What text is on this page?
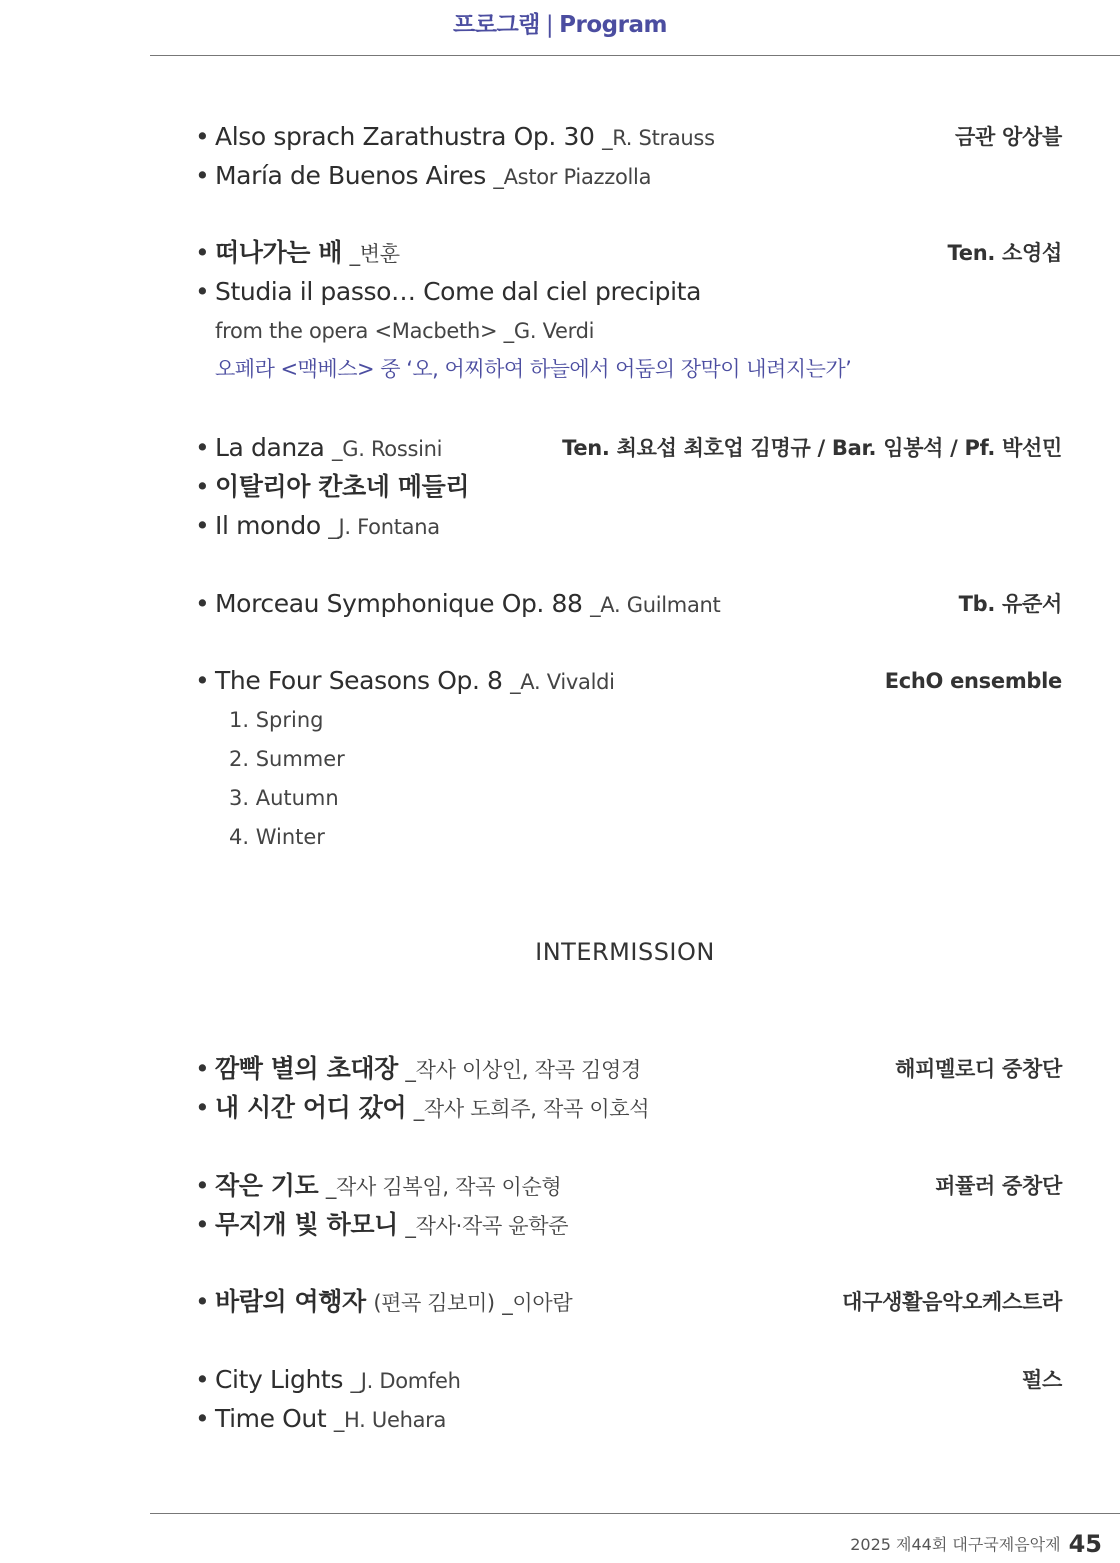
프로그램 | Program
• Also sprach Zarathustra Op. 30 _R. Strauss	금관 앙상블
• María de Buenos Aires _Astor Piazzolla
• 떠나가는 배 _변훈	Ten. 소영섭
• Studia il passo… Come dal ciel precipita
from the opera <Macbeth> _G. Verdi
오페라 <맥베스> 중 ‘오, 어찌하여 하늘에서 어둠의 장막이 내려지는가’
• La danza _G. Rossini	Ten. 최요섭 최호업 김명규 / Bar. 임봉석 / Pf. 박선민
• 이탈리아 칸초네 메들리
• Il mondo _J. Fontana
• Morceau Symphonique Op. 88 _A. Guilmant	Tb. 유준서
• The Four Seasons Op. 8 _A. Vivaldi	EchO ensemble
1. Spring
2. Summer
3. Autumn
4. Winter
INTERMISSION
• 깜빡 별의 초대장 _작사 이상인, 작곡 김영경	해피멜로디 중창단
• 내 시간 어디 갔어 _작사 도희주, 작곡 이호석
• 작은 기도 _작사 김복임, 작곡 이순형	퍼퓰러 중창단
• 무지개 빛 하모니 _작사·작곡 윤학준
• 바람의 여행자 (편곡 김보미) _이아람	대구생활음악오케스트라
• City Lights _J. Domfeh	펄스
• Time Out _H. Uehara
2025 제44회 대구국제음악제 45
